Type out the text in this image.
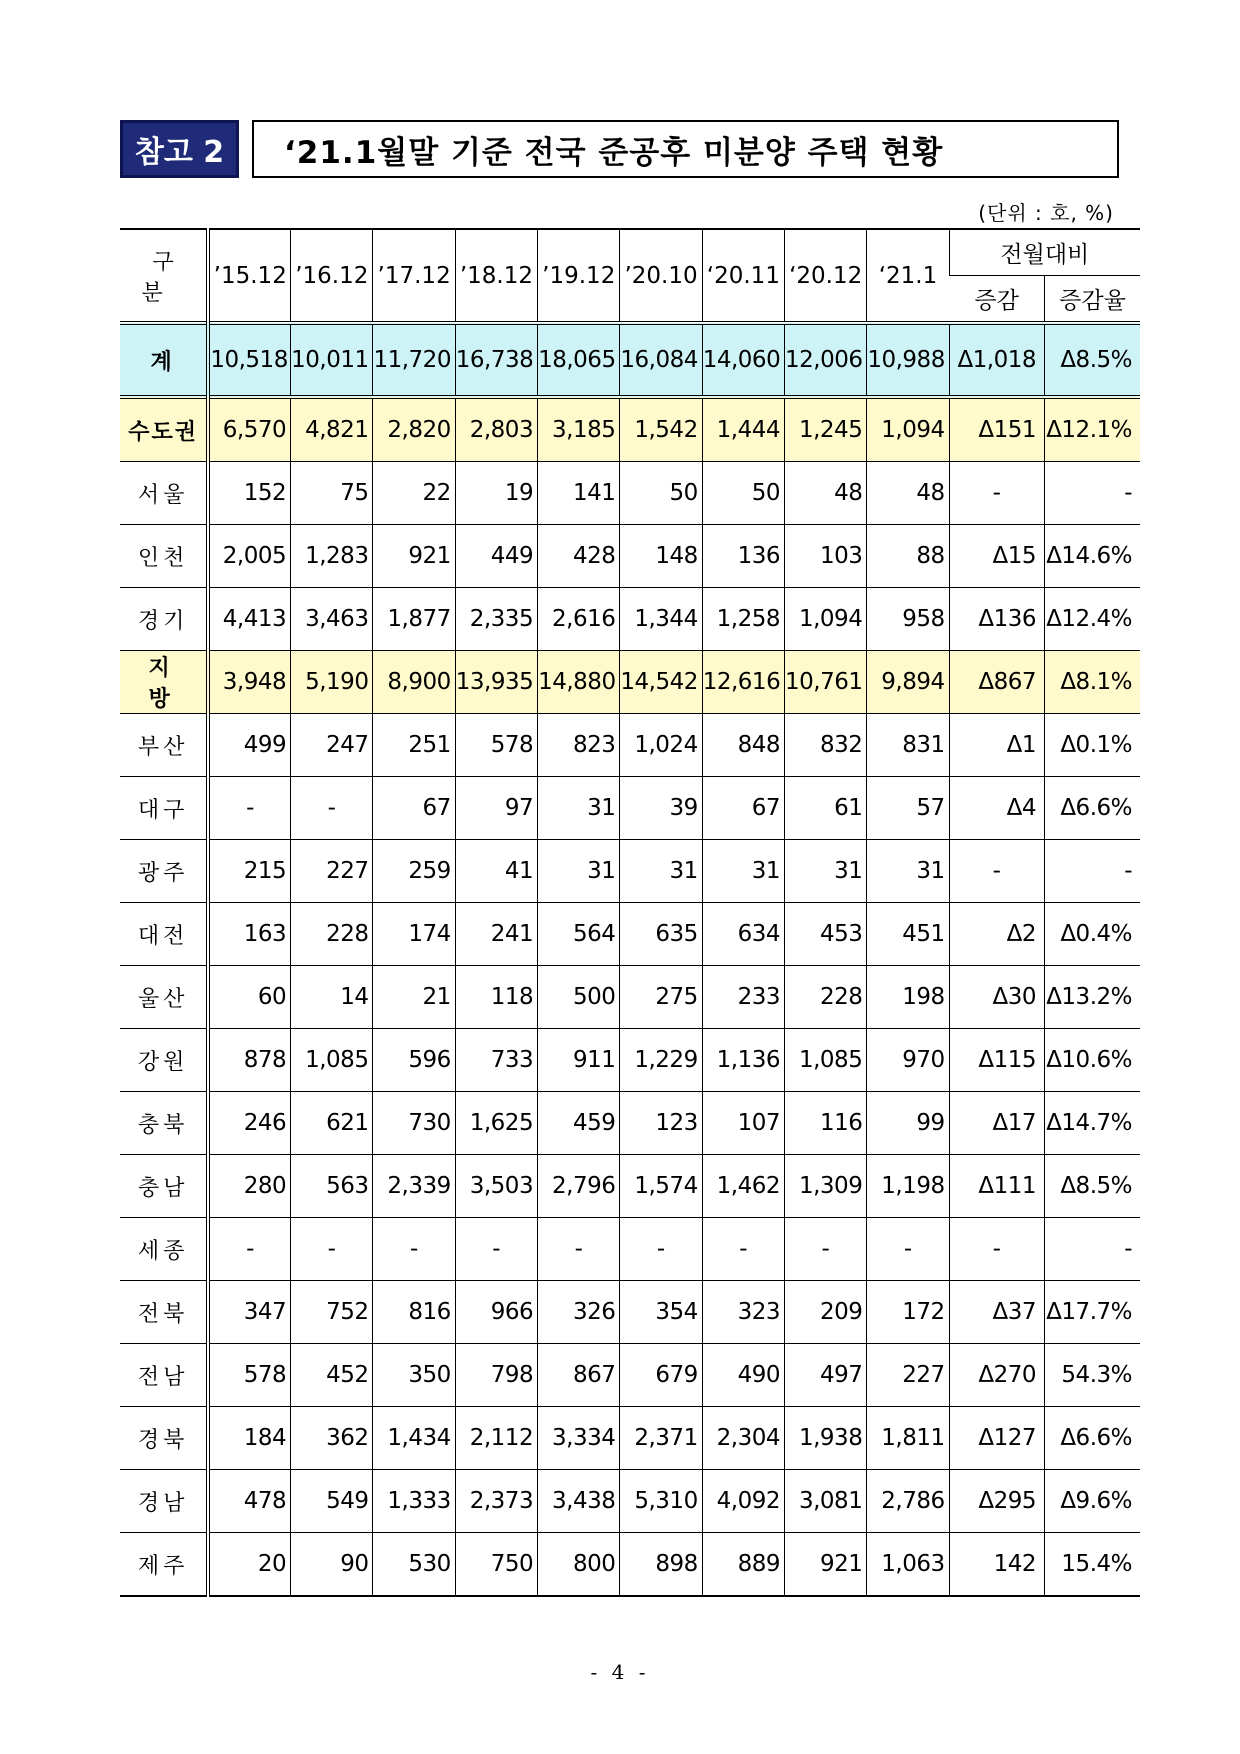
참고 2	‘21.1월말 기준 전국 준공후 미분양 주택 현황
(단위 : 호, %)
구 분	’15.12	’16.12	’17.12	’18.12	’19.12	’20.10	‘20.11	‘20.12	‘21.1	전월대비	
										증감	증감율
계	10,518	10,011	11,720	16,738	18,065	16,084	14,060	12,006	10,988	Δ1,018	Δ8.5%
수도권	6,570	4,821	2,820	2,803	3,185	1,542	1,444	1,245	1,094	Δ151	Δ12.1%
서울	152	75	22	19	141	50	50	48	48	-	-
인천	2,005	1,283	921	449	428	148	136	103	88	Δ15	Δ14.6%
경기	4,413	3,463	1,877	2,335	2,616	1,344	1,258	1,094	958	Δ136	Δ12.4%
지 방	3,948	5,190	8,900	13,935	14,880	14,542	12,616	10,761	9,894	Δ867	Δ8.1%
부산	499	247	251	578	823	1,024	848	832	831	Δ1	Δ0.1%
대구	-	-	67	97	31	39	67	61	57	Δ4	Δ6.6%
광주	215	227	259	41	31	31	31	31	31	-	-
대전	163	228	174	241	564	635	634	453	451	Δ2	Δ0.4%
울산	60	14	21	118	500	275	233	228	198	Δ30	Δ13.2%
강원	878	1,085	596	733	911	1,229	1,136	1,085	970	Δ115	Δ10.6%
충북	246	621	730	1,625	459	123	107	116	99	Δ17	Δ14.7%
충남	280	563	2,339	3,503	2,796	1,574	1,462	1,309	1,198	Δ111	Δ8.5%
세종	-	-	-	-	-	-	-	-	-	-	-
전북	347	752	816	966	326	354	323	209	172	Δ37	Δ17.7%
전남	578	452	350	798	867	679	490	497	227	Δ270	54.3%
경북	184	362	1,434	2,112	3,334	2,371	2,304	1,938	1,811	Δ127	Δ6.6%
경남	478	549	1,333	2,373	3,438	5,310	4,092	3,081	2,786	Δ295	Δ9.6%
제주	20	90	530	750	800	898	889	921	1,063	142	15.4%
- 4 -
